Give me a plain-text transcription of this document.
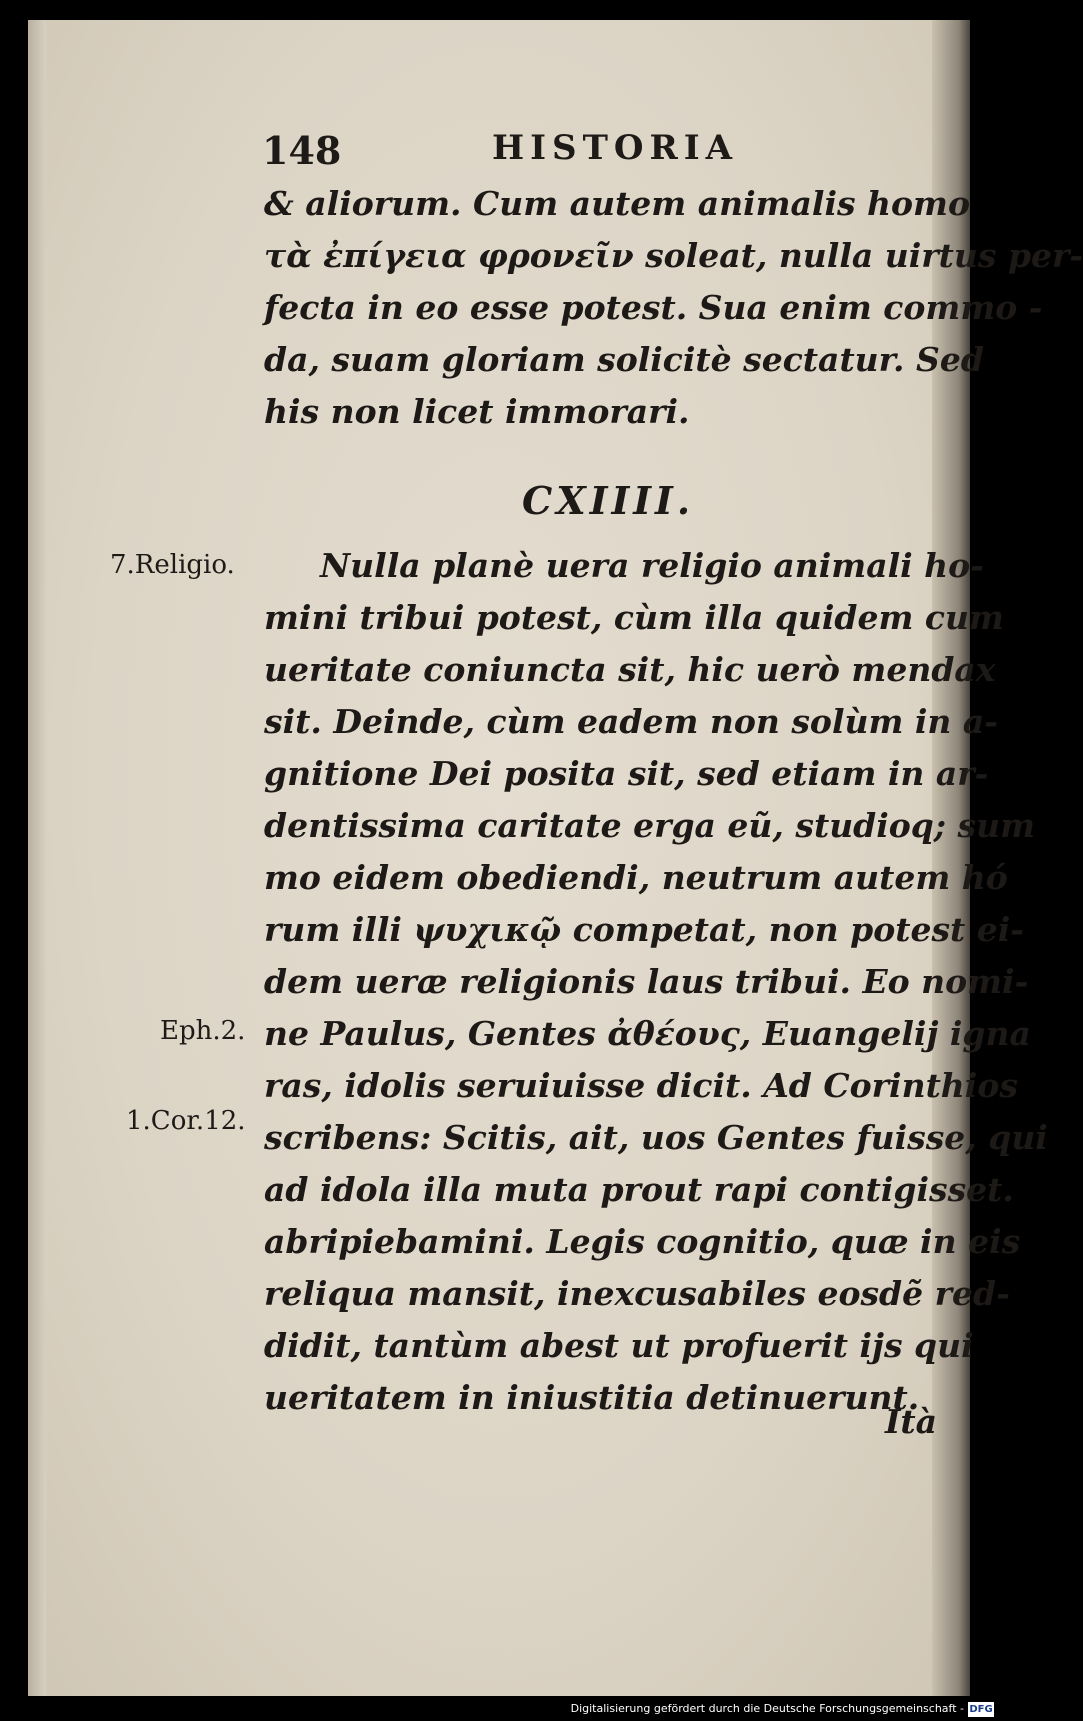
148	HISTORIA
& aliorum. Cum autem animalis homo
τὰ ἐπίγεια φρονεῖν soleat, nulla uirtus per-
fecta in eo esse potest. Sua enim commo -
da, suam gloriam solicitè sectatur. Sed
his non licet immorari.
CXIIII.
Nulla planè uera religio animali ho-
mini tribui potest, cùm illa quidem cum
ueritate coniuncta sit, hic uerò mendax
sit. Deinde, cùm eadem non solùm in a-
gnitione Dei posita sit, sed etiam in ar-
dentissima caritate erga eũ, studioq; sum
mo eidem obediendi, neutrum autem hó
rum illi ψυχικῷ competat, non potest ei-
dem ueræ religionis laus tribui. Eo nomi-
ne Paulus, Gentes ἀθέους, Euangelij igna
ras, idolis seruiuisse dicit. Ad Corinthios
scribens: Scitis, ait, uos Gentes fuisse, qui
ad idola illa muta prout rapi contigisset.
abripiebamini. Legis cognitio, quæ in eis
reliqua mansit, inexcusabiles eosdẽ red-
didit, tantùm abest ut profuerit ijs qui
ueritatem in iniustitia detinuerunt.
Ità
7.Religio.
Eph.2.
1.Cor.12.
Digitalisierung gefördert durch die Deutsche Forschungsgemeinschaft - DFG
